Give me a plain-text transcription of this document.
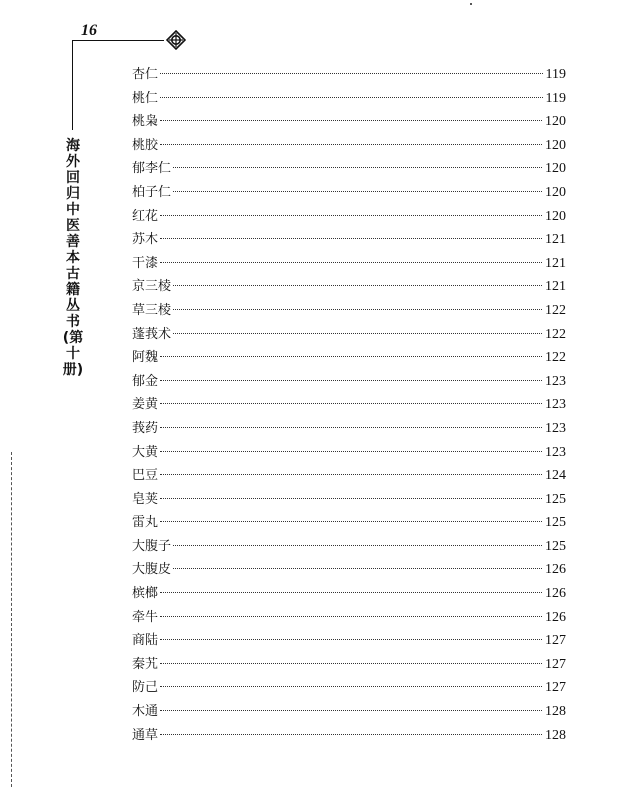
16
海外回归中医善本古籍丛书(第十册)
杏仁	119
桃仁	119
桃枭	120
桃胶	120
郁李仁	120
柏子仁	120
红花	120
苏木	121
干漆	121
京三棱	121
草三棱	122
蓬莪术	122
阿魏	122
郁金	123
姜黄	123
莪药	123
大黄	123
巴豆	124
皂荚	125
雷丸	125
大腹子	125
大腹皮	126
槟榔	126
牵牛	126
商陆	127
秦艽	127
防己	127
木通	128
通草	128
